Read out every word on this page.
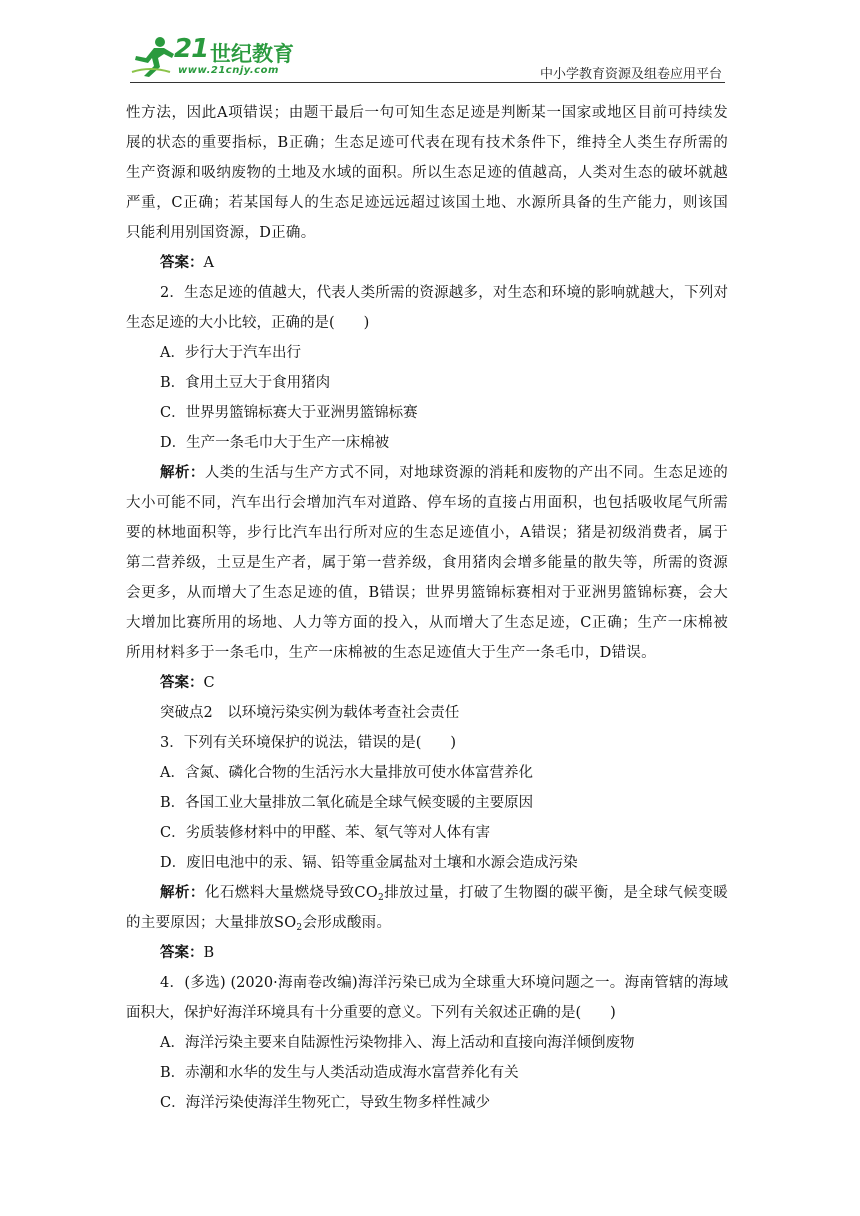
21 世纪教育
www.21cnjy.com	中小学教育资源及组卷应用平台

性方法，因此A项错误；由题干最后一句可知生态足迹是判断某一国家或地区目前可持续发展的状态的重要指标，B正确；生态足迹可代表在现有技术条件下，维持全人类生存所需的生产资源和吸纳废物的土地及水域的面积。所以生态足迹的值越高，人类对生态的破坏就越严重，C正确；若某国每人的生态足迹远远超过该国土地、水源所具备的生产能力，则该国只能利用别国资源，D正确。

答案：A

2．生态足迹的值越大，代表人类所需的资源越多，对生态和环境的影响就越大，下列对生态足迹的大小比较，正确的是(　　)

A．步行大于汽车出行

B．食用土豆大于食用猪肉

C．世界男篮锦标赛大于亚洲男篮锦标赛

D．生产一条毛巾大于生产一床棉被

解析：人类的生活与生产方式不同，对地球资源的消耗和废物的产出不同。生态足迹的大小可能不同，汽车出行会增加汽车对道路、停车场的直接占用面积，也包括吸收尾气所需要的林地面积等，步行比汽车出行所对应的生态足迹值小，A错误；猪是初级消费者，属于第二营养级，土豆是生产者，属于第一营养级，食用猪肉会增多能量的散失等，所需的资源会更多，从而增大了生态足迹的值，B错误；世界男篮锦标赛相对于亚洲男篮锦标赛，会大大增加比赛所用的场地、人力等方面的投入，从而增大了生态足迹，C正确；生产一床棉被所用材料多于一条毛巾，生产一床棉被的生态足迹值大于生产一条毛巾，D错误。

答案：C

突破点2　以环境污染实例为载体考查社会责任

3．下列有关环境保护的说法，错误的是(　　)

A．含氮、磷化合物的生活污水大量排放可使水体富营养化

B．各国工业大量排放二氧化硫是全球气候变暖的主要原因

C．劣质装修材料中的甲醛、苯、氡气等对人体有害

D．废旧电池中的汞、镉、铅等重金属盐对土壤和水源会造成污染

解析：化石燃料大量燃烧导致$CO_2$排放过量，打破了生物圈的碳平衡，是全球气候变暖的主要原因；大量排放$SO_2$会形成酸雨。

答案：B

4．(多选) (2020·海南卷改编)海洋污染已成为全球重大环境问题之一。海南管辖的海域面积大，保护好海洋环境具有十分重要的意义。下列有关叙述正确的是(　　)

A．海洋污染主要来自陆源性污染物排入、海上活动和直接向海洋倾倒废物

B．赤潮和水华的发生与人类活动造成海水富营养化有关

C．海洋污染使海洋生物死亡，导致生物多样性减少
